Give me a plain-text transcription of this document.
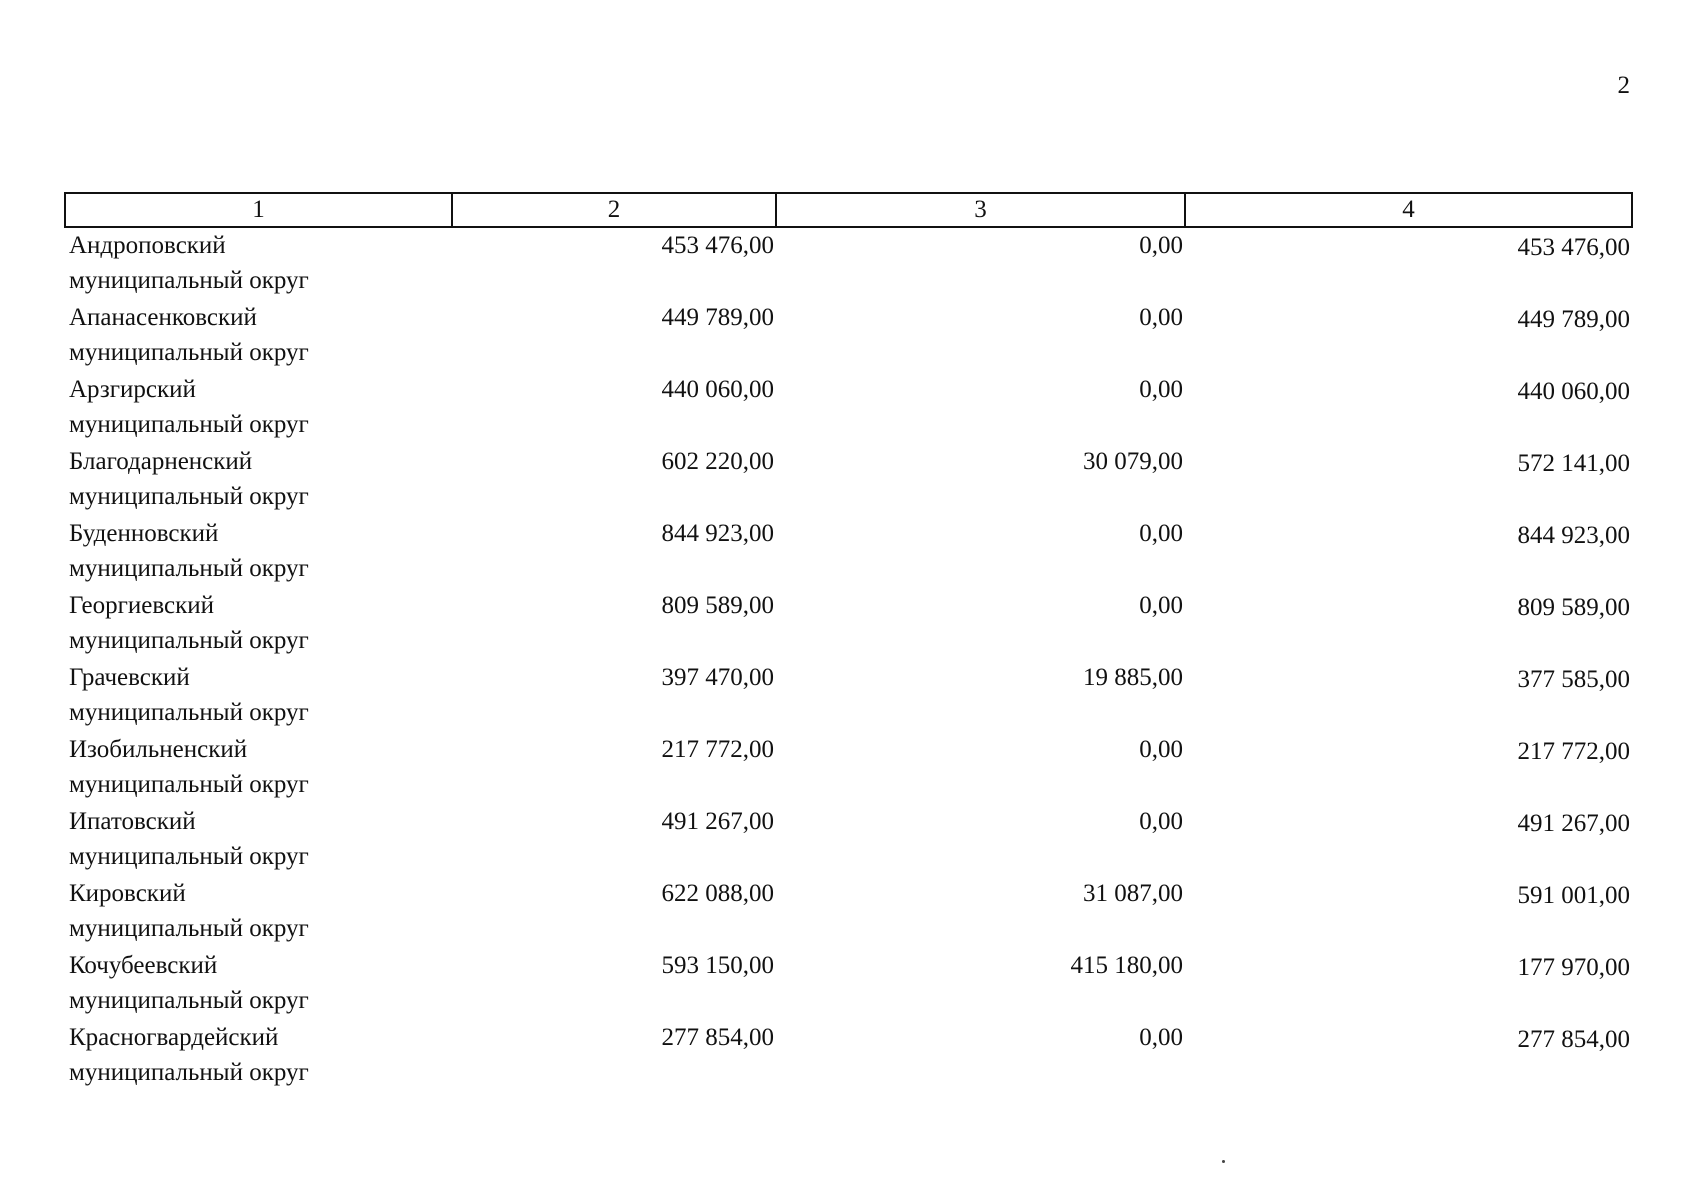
2
1	2	3	4
Андроповский
муниципальный округ	453 476,00	0,00	453 476,00
Апанасенковский
муниципальный округ	449 789,00	0,00	449 789,00
Арзгирский
муниципальный округ	440 060,00	0,00	440 060,00
Благодарненский
муниципальный округ	602 220,00	30 079,00	572 141,00
Буденновский
муниципальный округ	844 923,00	0,00	844 923,00
Георгиевский
муниципальный округ	809 589,00	0,00	809 589,00
Грачевский
муниципальный округ	397 470,00	19 885,00	377 585,00
Изобильненский
муниципальный округ	217 772,00	0,00	217 772,00
Ипатовский
муниципальный округ	491 267,00	0,00	491 267,00
Кировский
муниципальный округ	622 088,00	31 087,00	591 001,00
Кочубеевский
муниципальный округ	593 150,00	415 180,00	177 970,00
Красногвардейский
муниципальный округ	277 854,00	0,00	277 854,00
